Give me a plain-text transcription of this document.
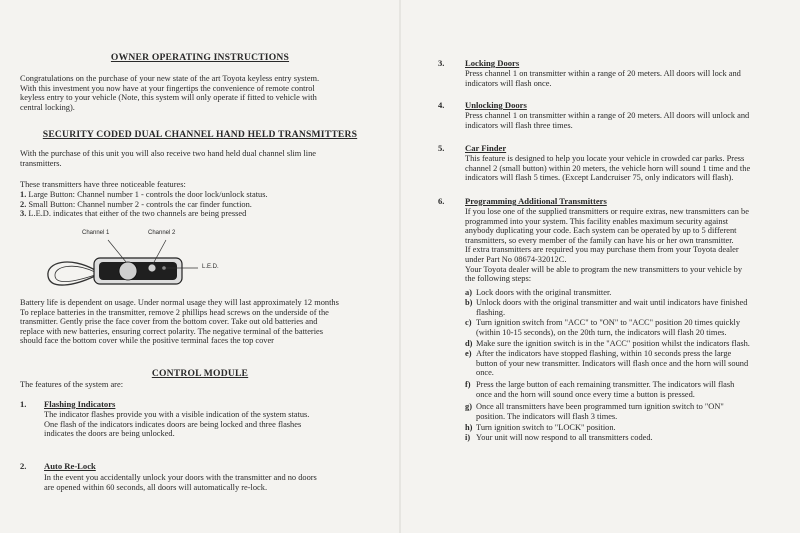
OWNER OPERATING INSTRUCTIONS
Congratulations on the purchase of your new state of the art Toyota keyless entry system.
With this investment you now have at your fingertips the convenience of remote control
keyless entry to your vehicle (Note, this system will only operate if fitted to vehicle with
central locking).
SECURITY CODED DUAL CHANNEL HAND HELD TRANSMITTERS
With the purchase of this unit you will also receive two hand held dual channel slim line
transmitters.
These transmitters have three noticeable features:
1. Large Button: Channel number 1 - controls the door lock/unlock status.
2. Small Button: Channel number 2 - controls the car finder function.
3. L.E.D. indicates that either of the two channels are being pressed
Channel 1	Channel 2
L.E.D.
Battery life is dependent on usage. Under normal usage they will last approximately 12 months
To replace batteries in the transmitter, remove 2 phillips head screws on the underside of the
transmitter. Gently prise the face cover from the bottom cover. Take out old batteries and
replace with new batteries, ensuring correct polarity. The negative terminal of the batteries
should face the bottom cover while the positive terminal faces the top cover
CONTROL MODULE
The features of the system are:
1. Flashing Indicators
The indicator flashes provide you with a visible indication of the system status.
One flash of the indicators indicates doors are being locked and three flashes
indicates the doors are being unlocked.
2. Auto Re-Lock
In the event you accidentally unlock your doors with the transmitter and no doors
are opened within 60 seconds, all doors will automatically re-lock.
3. Locking Doors
Press channel 1 on transmitter within a range of 20 meters. All doors will lock and
indicators will flash once.
4. Unlocking Doors
Press channel 1 on transmitter within a range of 20 meters. All doors will unlock and
indicators will flash three times.
5. Car Finder
This feature is designed to help you locate your vehicle in crowded car parks. Press
channel 2 (small button) within 20 meters, the vehicle horn will sound 1 time and the
indicators will flash 5 times. (Except Landcruiser 75, only indicators will flash).
6. Programming Additional Transmitters
If you lose one of the supplied transmitters or require extras, new transmitters can be
programmed into your system. This facility enables maximum security against
anybody duplicating your code. Each system can be operated by up to 5 different
transmitters, so every member of the family can have his or her own transmitter.
If extra transmitters are required you may purchase them from your Toyota dealer
under Part No 08674-32012C.
Your Toyota dealer will be able to program the new transmitters to your vehicle by
the following steps:
a) Lock doors with the original transmitter.
b) Unlock doors with the original transmitter and wait until indicators have finished
flashing.
c) Turn ignition switch from "ACC" to "ON" to "ACC" position 20 times quickly
(within 10-15 seconds), on the 20th turn, the indicators will flash 20 times.
d) Make sure the ignition switch is in the "ACC" position whilst the indicators flash.
e) After the indicators have stopped flashing, within 10 seconds press the large
button of your new transmitter. Indicators will flash once and the horn will sound
once.
f) Press the large button of each remaining transmitter. The indicators will flash
once and the horn will sound once every time a button is pressed.
g) Once all transmitters have been programmed turn ignition switch to "ON"
position. The indicators will flash 3 times.
h) Turn ignition switch to "LOCK" position.
i) Your unit will now respond to all transmitters coded.
